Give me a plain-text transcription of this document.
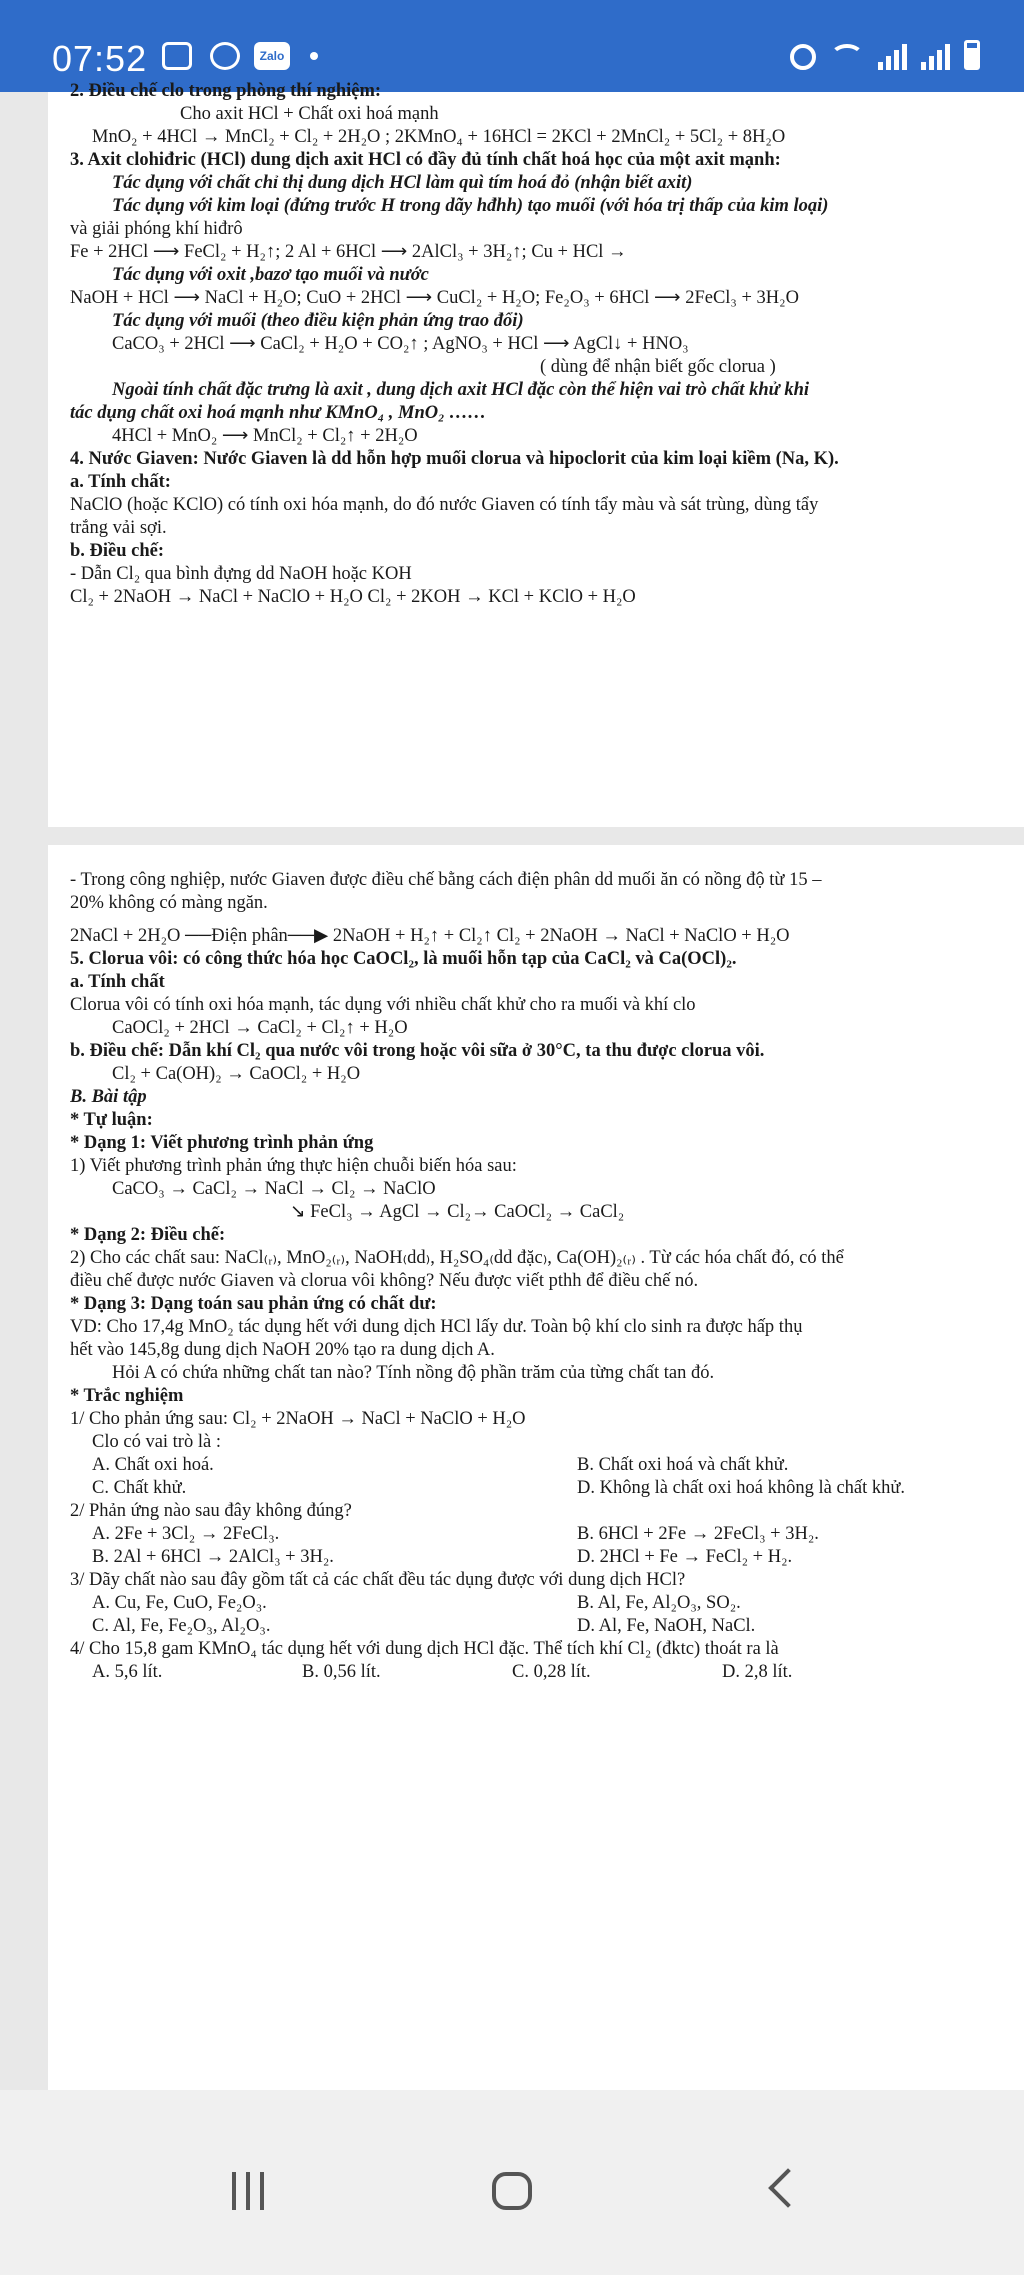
07:52	Zalo
2. Điều chế clo trong phòng thí nghiệm:
Cho axit HCl + Chất oxi hoá mạnh
MnO₂ + 4HCl → MnCl₂ + Cl₂ + 2H₂O ; 2KMnO₄ + 16HCl = 2KCl + 2MnCl₂ + 5Cl₂ + 8H₂O
3. Axit clohiđric (HCl) dung dịch axit HCl có đầy đủ tính chất hoá học của một axit mạnh:
Tác dụng với chất chỉ thị dung dịch HCl làm quì tím hoá đỏ (nhận biết axit)
Tác dụng với kim loại (đứng trước H trong dãy hđhh) tạo muối (với hóa trị thấp của kim loại)
và giải phóng khí hiđrô
Fe + 2HCl ⟶ FeCl₂ + H₂↑; 2 Al + 6HCl ⟶ 2AlCl₃ + 3H₂↑; Cu + HCl →
Tác dụng với oxit ,bazơ tạo muối và nước
NaOH + HCl ⟶ NaCl + H₂O; CuO + 2HCl ⟶ CuCl₂ + H₂O; Fe₂O₃ + 6HCl ⟶ 2FeCl₃ + 3H₂O
Tác dụng với muối (theo điều kiện phản ứng trao đổi)
CaCO₃ + 2HCl ⟶ CaCl₂ + H₂O + CO₂↑ ; AgNO₃ + HCl ⟶ AgCl↓ + HNO₃
( dùng để nhận biết gốc clorua )
Ngoài tính chất đặc trưng là axit , dung dịch axit HCl đặc còn thể hiện vai trò chất khử khi
tác dụng chất oxi hoá mạnh như KMnO₄ , MnO₂ ……
4HCl + MnO₂ ⟶ MnCl₂ + Cl₂↑ + 2H₂O
4. Nước Giaven: Nước Giaven là dd hỗn hợp muối clorua và hipoclorit của kim loại kiềm (Na, K).
a. Tính chất:
NaClO (hoặc KClO) có tính oxi hóa mạnh, do đó nước Giaven có tính tẩy màu và sát trùng, dùng tẩy
trắng vải sợi.
b. Điều chế:
- Dẫn Cl₂ qua bình đựng dd NaOH hoặc KOH
Cl₂ + 2NaOH → NaCl + NaClO + H₂O Cl₂ + 2KOH → KCl + KClO + H₂O
- Trong công nghiệp, nước Giaven được điều chế bằng cách điện phân dd muối ăn có nồng độ từ 15 –
20% không có màng ngăn.
2NaCl + 2H₂O ──Điện phân──▶ 2NaOH + H₂↑ + Cl₂↑ Cl₂ + 2NaOH → NaCl + NaClO + H₂O
5. Clorua vôi: có công thức hóa học CaOCl₂, là muối hỗn tạp của CaCl₂ và Ca(OCl)₂.
a. Tính chất
Clorua vôi có tính oxi hóa mạnh, tác dụng với nhiều chất khử cho ra muối và khí clo
CaOCl₂ + 2HCl → CaCl₂ + Cl₂↑ + H₂O
b. Điều chế: Dẫn khí Cl₂ qua nước vôi trong hoặc vôi sữa ở 30°C, ta thu được clorua vôi.
Cl₂ + Ca(OH)₂ → CaOCl₂ + H₂O
B. Bài tập
* Tự luận:
* Dạng 1: Viết phương trình phản ứng
1) Viết phương trình phản ứng thực hiện chuỗi biến hóa sau:
CaCO₃ → CaCl₂ → NaCl → Cl₂ → NaClO
↘ FeCl₃ → AgCl → Cl₂→ CaOCl₂ → CaCl₂
* Dạng 2: Điều chế:
2) Cho các chất sau: NaCl₍ᵣ₎, MnO₂₍ᵣ₎, NaOH₍dd₎, H₂SO₄₍dd đặc₎, Ca(OH)₂₍ᵣ₎ . Từ các hóa chất đó, có thể
điều chế được nước Giaven và clorua vôi không? Nếu được viết pthh để điều chế nó.
* Dạng 3: Dạng toán sau phản ứng có chất dư:
VD: Cho 17,4g MnO₂ tác dụng hết với dung dịch HCl lấy dư. Toàn bộ khí clo sinh ra được hấp thụ
hết vào 145,8g dung dịch NaOH 20% tạo ra dung dịch A.
Hỏi A có chứa những chất tan nào? Tính nồng độ phần trăm của từng chất tan đó.
* Trắc nghiệm
1/ Cho phản ứng sau: Cl₂ + 2NaOH → NaCl + NaClO + H₂O
Clo có vai trò là :
A. Chất oxi hoá.	B. Chất oxi hoá và chất khử.
C. Chất khử.	D. Không là chất oxi hoá không là chất khử.
2/ Phản ứng nào sau đây không đúng?
A. 2Fe + 3Cl₂ → 2FeCl₃.	B. 6HCl + 2Fe → 2FeCl₃ + 3H₂.
B. 2Al + 6HCl → 2AlCl₃ + 3H₂.	D. 2HCl + Fe → FeCl₂ + H₂.
3/ Dãy chất nào sau đây gồm tất cả các chất đều tác dụng được với dung dịch HCl?
A. Cu, Fe, CuO, Fe₂O₃.	B. Al, Fe, Al₂O₃, SO₂.
C. Al, Fe, Fe₂O₃, Al₂O₃.	D. Al, Fe, NaOH, NaCl.
4/ Cho 15,8 gam KMnO₄ tác dụng hết với dung dịch HCl đặc. Thể tích khí Cl₂ (đktc) thoát ra là
A. 5,6 lít.	B. 0,56 lít.	C. 0,28 lít.	D. 2,8 lít.
